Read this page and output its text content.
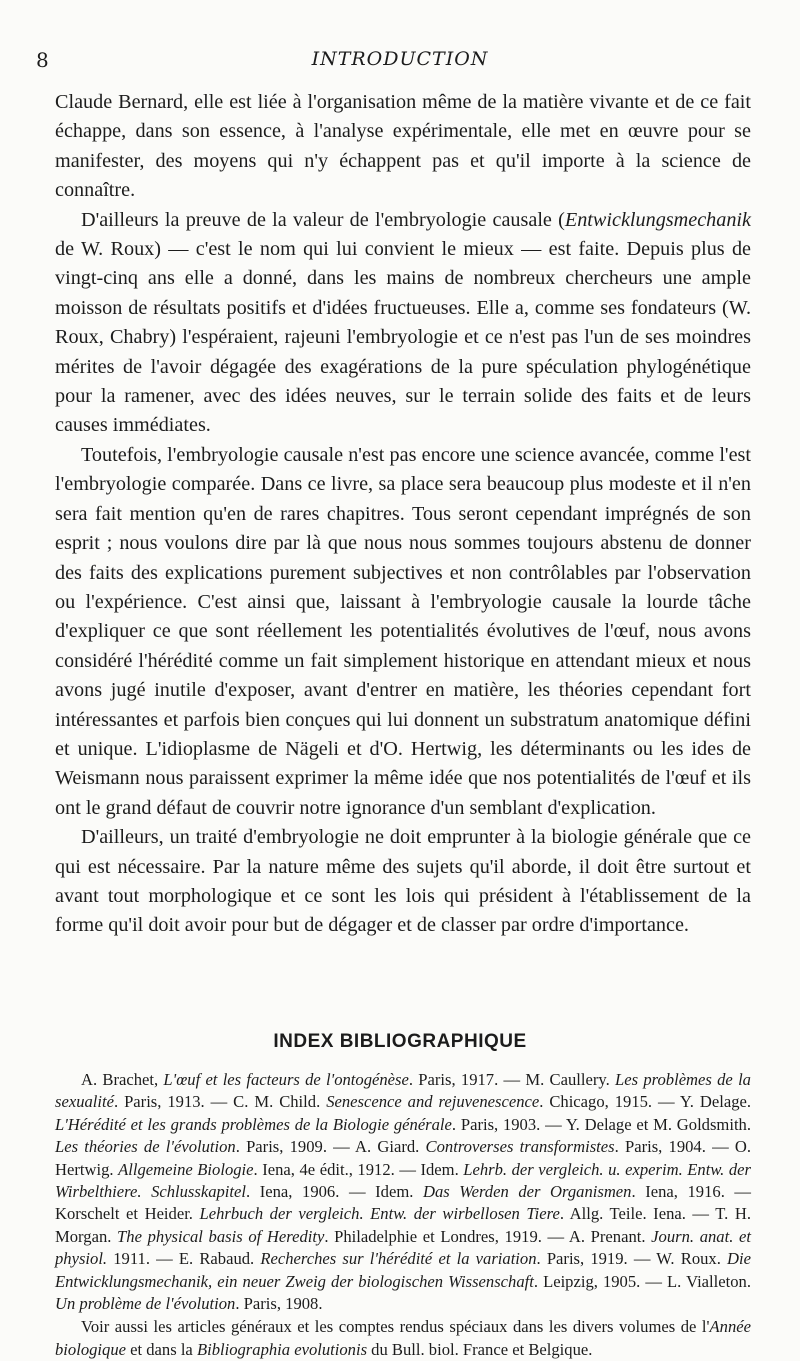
8	INTRODUCTION

Claude Bernard, elle est liée à l'organisation même de la matière vivante et de ce fait échappe, dans son essence, à l'analyse expérimentale, elle met en œuvre pour se manifester, des moyens qui n'y échappent pas et qu'il importe à la science de connaître.

D'ailleurs la preuve de la valeur de l'embryologie causale (Entwicklungsmechanik de W. Roux) — c'est le nom qui lui convient le mieux — est faite. Depuis plus de vingt-cinq ans elle a donné, dans les mains de nombreux chercheurs une ample moisson de résultats positifs et d'idées fructueuses. Elle a, comme ses fondateurs (W. Roux, Chabry) l'espéraient, rajeuni l'embryologie et ce n'est pas l'un de ses moindres mérites de l'avoir dégagée des exagérations de la pure spéculation phylogénétique pour la ramener, avec des idées neuves, sur le terrain solide des faits et de leurs causes immédiates.

Toutefois, l'embryologie causale n'est pas encore une science avancée, comme l'est l'embryologie comparée. Dans ce livre, sa place sera beaucoup plus modeste et il n'en sera fait mention qu'en de rares chapitres. Tous seront cependant imprégnés de son esprit ; nous voulons dire par là que nous nous sommes toujours abstenu de donner des faits des explications purement subjectives et non contrôlables par l'observation ou l'expérience. C'est ainsi que, laissant à l'embryologie causale la lourde tâche d'expliquer ce que sont réellement les potentialités évolutives de l'œuf, nous avons considéré l'hérédité comme un fait simplement historique en attendant mieux et nous avons jugé inutile d'exposer, avant d'entrer en matière, les théories cependant fort intéressantes et parfois bien conçues qui lui donnent un substratum anatomique défini et unique. L'idioplasme de Nägeli et d'O. Hertwig, les déterminants ou les ides de Weismann nous paraissent exprimer la même idée que nos potentialités de l'œuf et ils ont le grand défaut de couvrir notre ignorance d'un semblant d'explication.

D'ailleurs, un traité d'embryologie ne doit emprunter à la biologie générale que ce qui est nécessaire. Par la nature même des sujets qu'il aborde, il doit être surtout et avant tout morphologique et ce sont les lois qui président à l'établissement de la forme qu'il doit avoir pour but de dégager et de classer par ordre d'importance.

INDEX BIBLIOGRAPHIQUE

A. Brachet, L'œuf et les facteurs de l'ontogénèse. Paris, 1917. — M. Caullery. Les problèmes de la sexualité. Paris, 1913. — C. M. Child. Senescence and rejuvenescence. Chicago, 1915. — Y. Delage. L'Hérédité et les grands problèmes de la Biologie générale. Paris, 1903. — Y. Delage et M. Goldsmith. Les théories de l'évolution. Paris, 1909. — A. Giard. Controverses transformistes. Paris, 1904. — O. Hertwig. Allgemeine Biologie. Iena, 4e édit., 1912. — Idem. Lehrb. der vergleich. u. experim. Entw. der Wirbelthiere. Schlusskapitel. Iena, 1906. — Idem. Das Werden der Organismen. Iena, 1916. — Korschelt et Heider. Lehrbuch der vergleich. Entw. der wirbellosen Tiere. Allg. Teile. Iena. — T. H. Morgan. The physical basis of Heredity. Philadelphie et Londres, 1919. — A. Prenant. Journ. anat. et physiol. 1911. — E. Rabaud. Recherches sur l'hérédité et la variation. Paris, 1919. — W. Roux. Die Entwicklungsmechanik, ein neuer Zweig der biologischen Wissenschaft. Leipzig, 1905. — L. Vialleton. Un problème de l'évolution. Paris, 1908.

Voir aussi les articles généraux et les comptes rendus spéciaux dans les divers volumes de l'Année biologique et dans la Bibliographia evolutionis du Bull. biol. France et Belgique.
